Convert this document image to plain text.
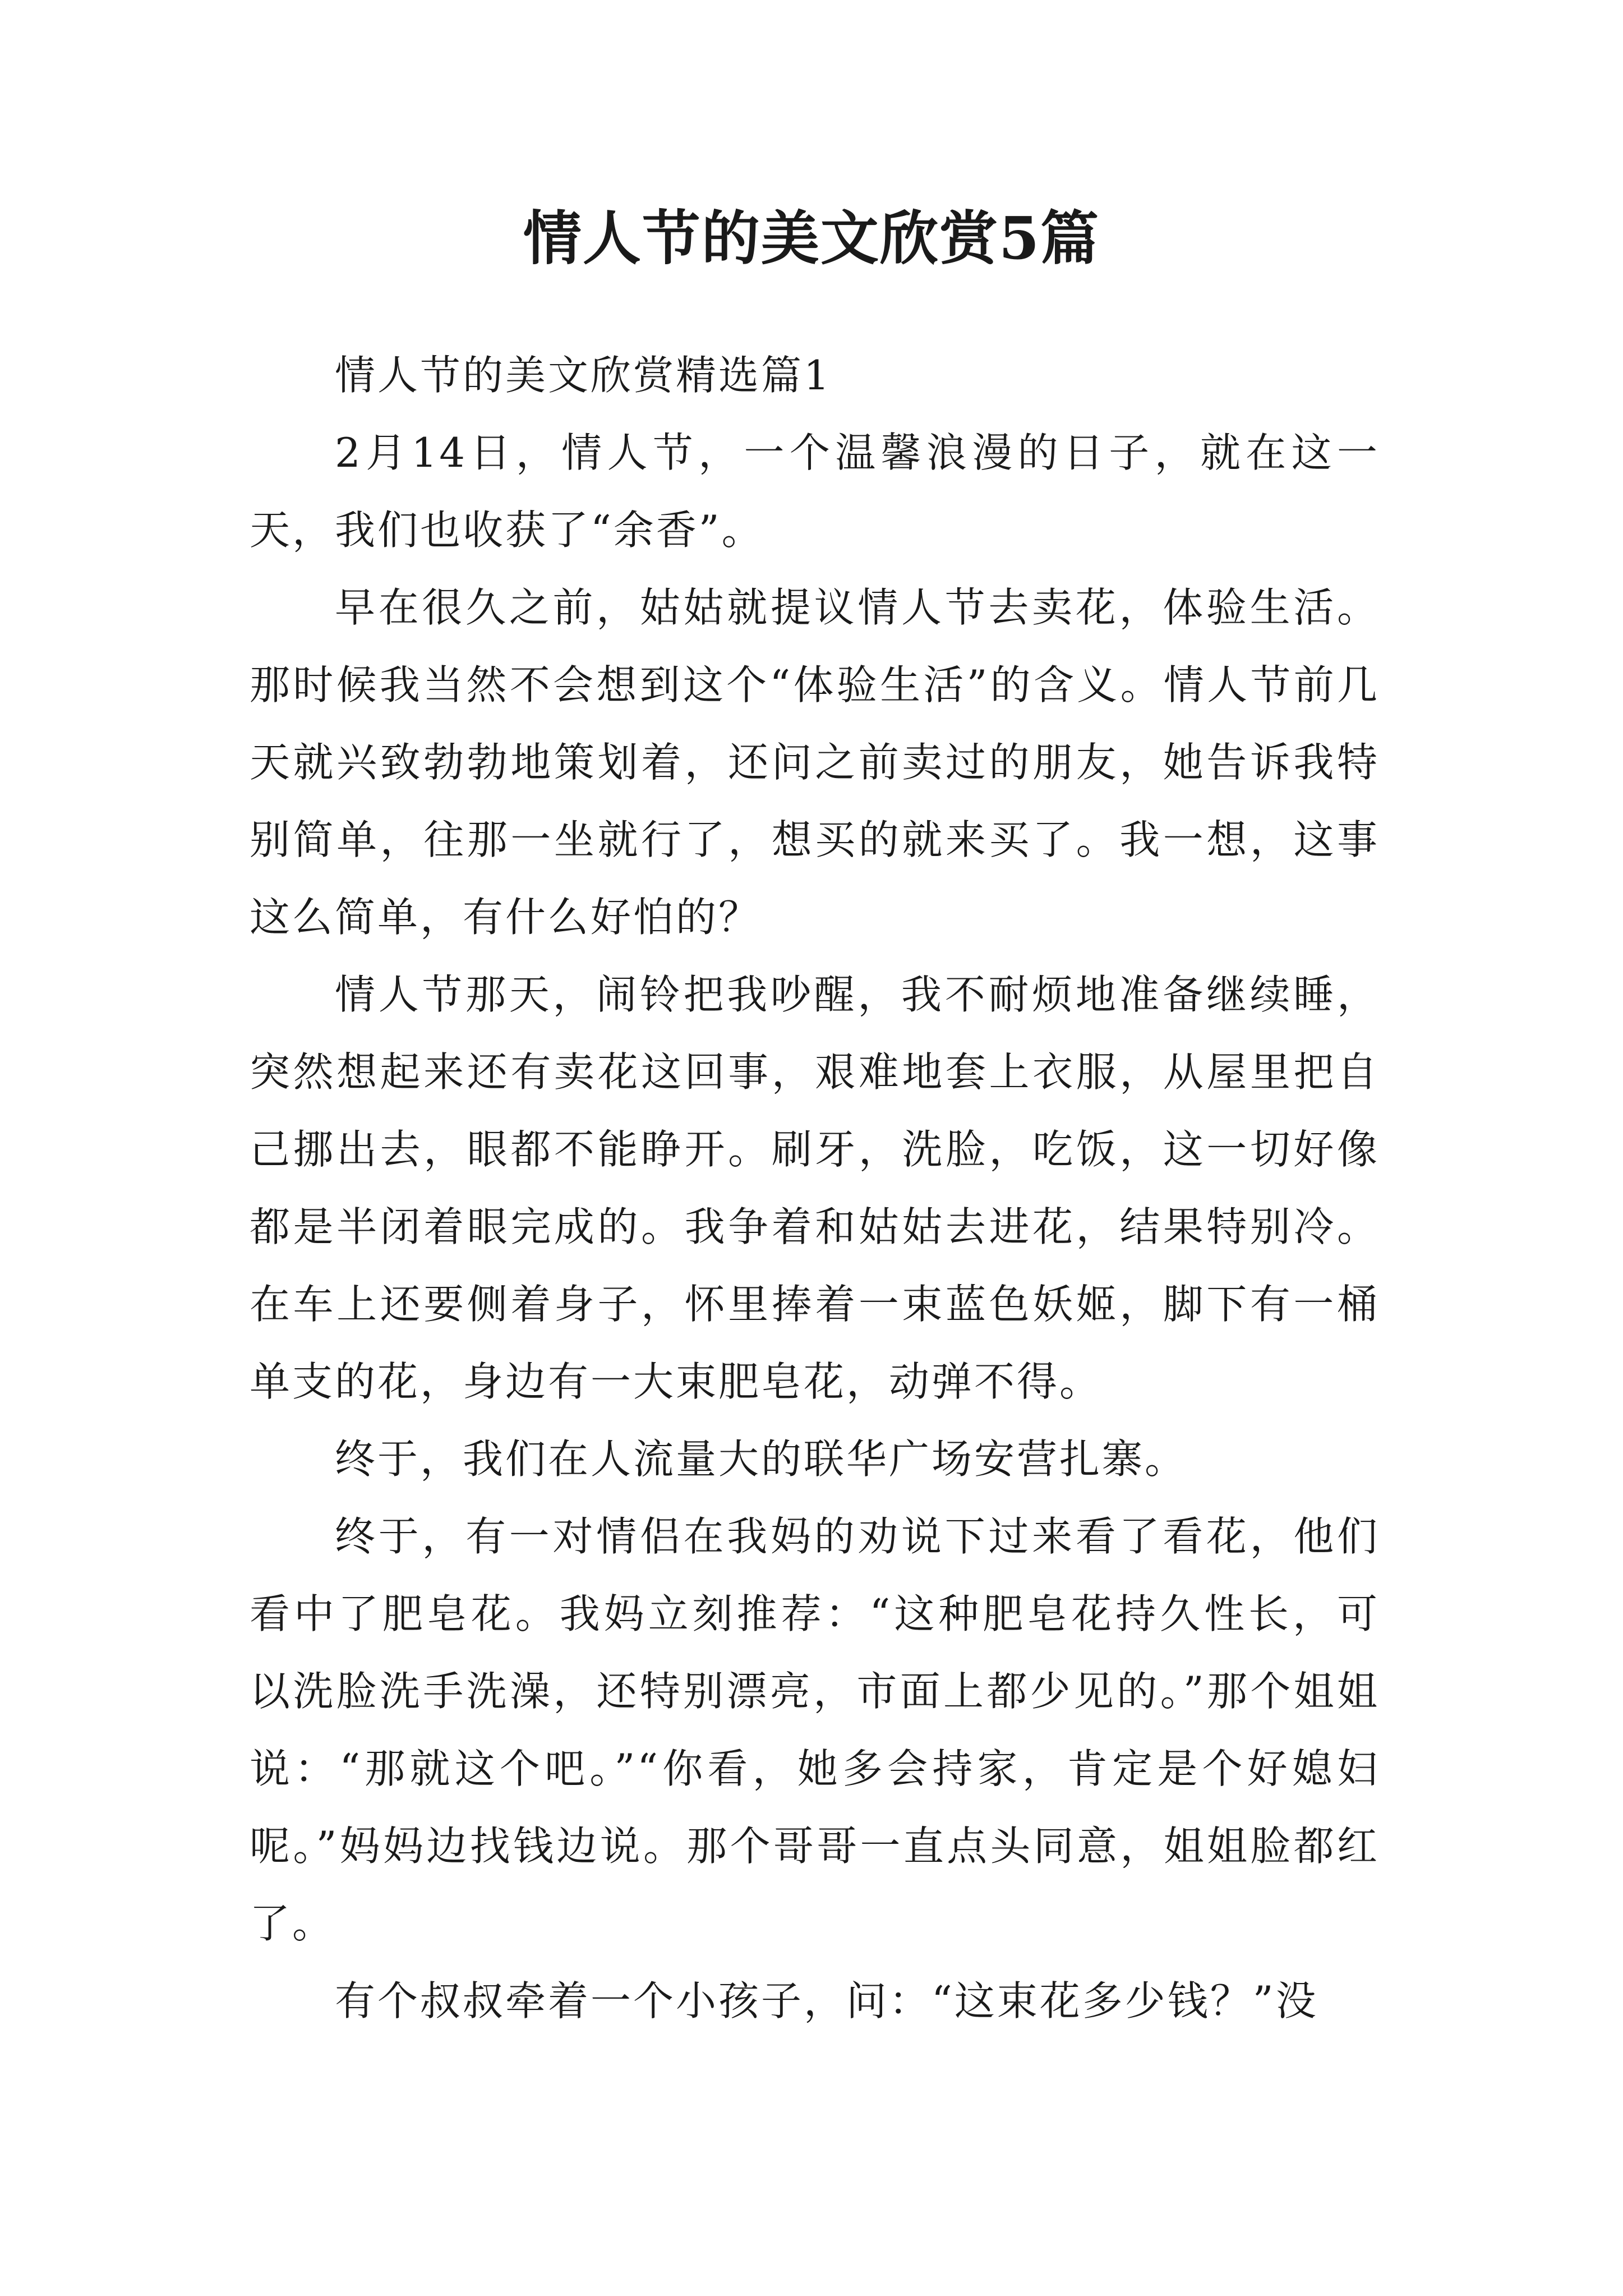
情人节的美文欣赏5篇

情人节的美文欣赏精选篇1

2月14日，情人节，一个温馨浪漫的日子，就在这一天，我们也收获了“余香”。

早在很久之前，姑姑就提议情人节去卖花，体验生活。那时候我当然不会想到这个“体验生活”的含义。情人节前几天就兴致勃勃地策划着，还问之前卖过的朋友，她告诉我特别简单，往那一坐就行了，想买的就来买了。我一想，这事这么简单，有什么好怕的？

情人节那天，闹铃把我吵醒，我不耐烦地准备继续睡，突然想起来还有卖花这回事，艰难地套上衣服，从屋里把自己挪出去，眼都不能睁开。刷牙，洗脸，吃饭，这一切好像都是半闭着眼完成的。我争着和姑姑去进花，结果特别冷。在车上还要侧着身子，怀里捧着一束蓝色妖姬，脚下有一桶单支的花，身边有一大束肥皂花，动弹不得。

终于，我们在人流量大的联华广场安营扎寨。

终于，有一对情侣在我妈的劝说下过来看了看花，他们看中了肥皂花。我妈立刻推荐：“这种肥皂花持久性长，可以洗脸洗手洗澡，还特别漂亮，市面上都少见的。”那个姐姐说：“那就这个吧。”“你看，她多会持家，肯定是个好媳妇呢。”妈妈边找钱边说。那个哥哥一直点头同意，姐姐脸都红了。

有个叔叔牵着一个小孩子，问：“这束花多少钱？”没
